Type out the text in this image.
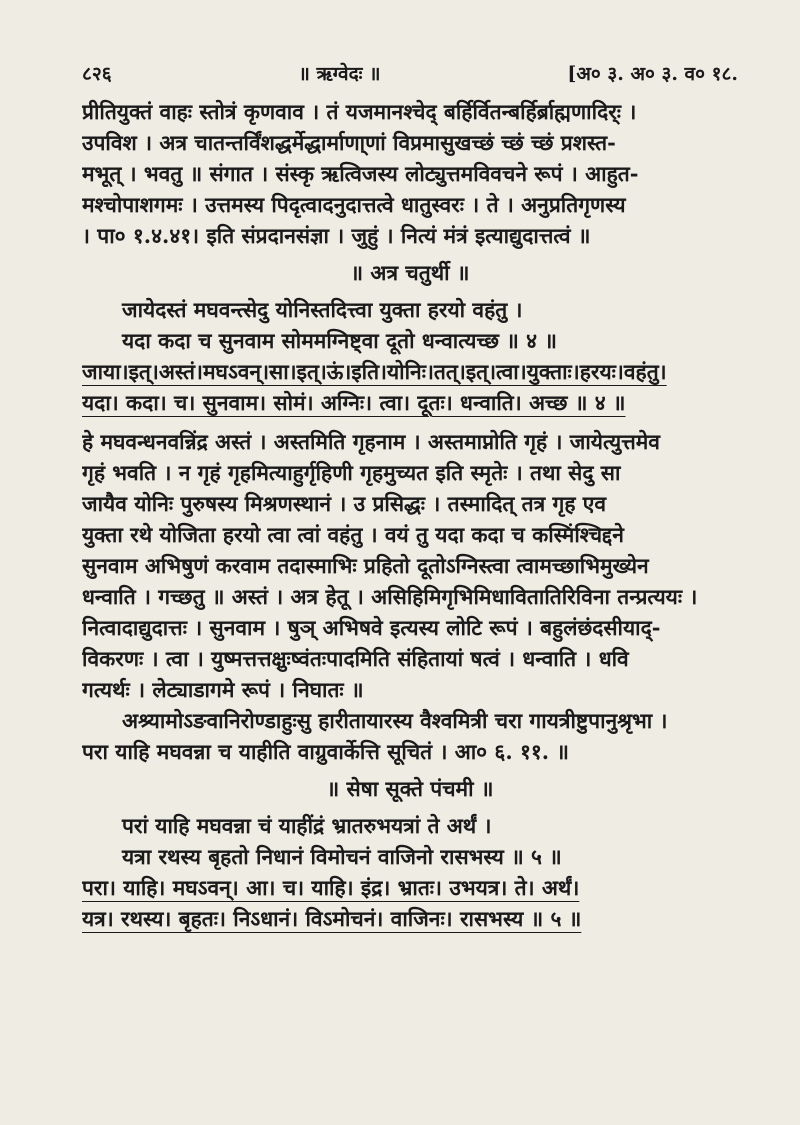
८२६	॥ ऋग्वेदः ॥	[अ० ३. अ० ३. व० १८.
प्रीतियुक्तं वाहः स्तोत्रं कृणवाव । तं यजमानश्चेद् बर्हिर्वितन्बर्हिर्ब्राह्मणादिर्ः ।
उपविश । अत्र चातन्तर्विंशद्धर्मेद्धार्माणा्णां विप्रमासुखच्छं च्छं च्छं प्रशस्त-
मभूत् । भवतु ॥ संगात । संस्कृ ऋत्विजस्य लोट्युत्तमविवचने रूपं । आहुत-
मश्चोपाशगमः । उत्तमस्य पिदृत्वादनुदात्तत्वे धातुस्वरः । ते । अनुप्रतिगृणस्य
। पा० १.४.४१। इति संप्रदानसंज्ञा । जुहुं । नित्यं मंत्रं इत्याद्युदात्तत्वं ॥
॥ अत्र चतुर्थी ॥
जायेदस्तं मघवन्त्सेदु योनिस्तदित्त्वा युक्ता हरयो वहंतु ।
यदा कदा च सुनवाम सोममग्निष्ट्वा दूतो धन्वात्यच्छ ॥ ४ ॥
जाया।इत्।अस्तं।मघऽवन्।सा।इत्।ऊं।इति।योनिः।तत्।इत्।त्वा।युक्ताः।हरयः।वहंतु।
यदा। कदा। च। सुनवाम। सोमं। अग्निः। त्वा। दूतः। धन्वाति। अच्छ ॥ ४ ॥
हे मघवन्धनवन्निंद्र अस्तं । अस्तमिति गृहनाम । अस्तमाप्नोति गृहं । जायेत्युत्तमेव
गृहं भवति । न गृहं गृहमित्याहुर्गृहिणी गृहमुच्यत इति स्मृतेः । तथा सेदु सा
जायैव योनिः पुरुषस्य मिश्रणस्थानं । उ प्रसिद्धः । तस्मादित् तत्र गृह एव
युक्ता रथे योजिता हरयो त्वा त्वां वहंतु । वयं तु यदा कदा च कस्मिंश्चिद्दने
सुनवाम अभिषुणं करवाम तदास्माभिः प्रहितो दूतोऽग्निस्त्वा त्वामच्छाभिमुख्येन
धन्वाति । गच्छतु ॥ अस्तं । अत्र हेतू । असिहिमिगृभिमिधावितातिरिविना तन्प्रत्ययः ।
नित्वादाद्युदात्तः । सुनवाम । षुञ् अभिषवे इत्यस्य लोटि रूपं । बहुलंछंदसीयाद्-
विकरणः । त्वा । युष्मत्तत्तक्षुःष्वंतःपादमिति संहितायां षत्वं । धन्वाति । धवि
गत्यर्थः । लेट्याडागमे रूपं । निघातः ॥
अश्र्यामोऽङवानिरोण्डाहुःसु हारीतायारस्य वैश्वमित्री चरा गायत्रीष्टुपानुश्रृभा ।
परा याहि मघवन्ना च याहीति वाग्रुवार्केत्ति सूचितं । आ० ६. ११. ॥
॥ सेषा सूक्ते पंचमी ॥
परां याहि मघवन्ना चं याहींद्रं भ्रातरुभयत्रां ते अर्थं ।
यत्रा रथस्य बृहतो निधानं विमोचनं वाजिनो रासभस्य ॥ ५ ॥
परा। याहि। मघऽवन्। आ। च। याहि। इंद्र। भ्रातः। उभयत्र। ते। अर्थं।
यत्र। रथस्य। बृहतः। निऽधानं। विऽमोचनं। वाजिनः। रासभस्य ॥ ५ ॥
